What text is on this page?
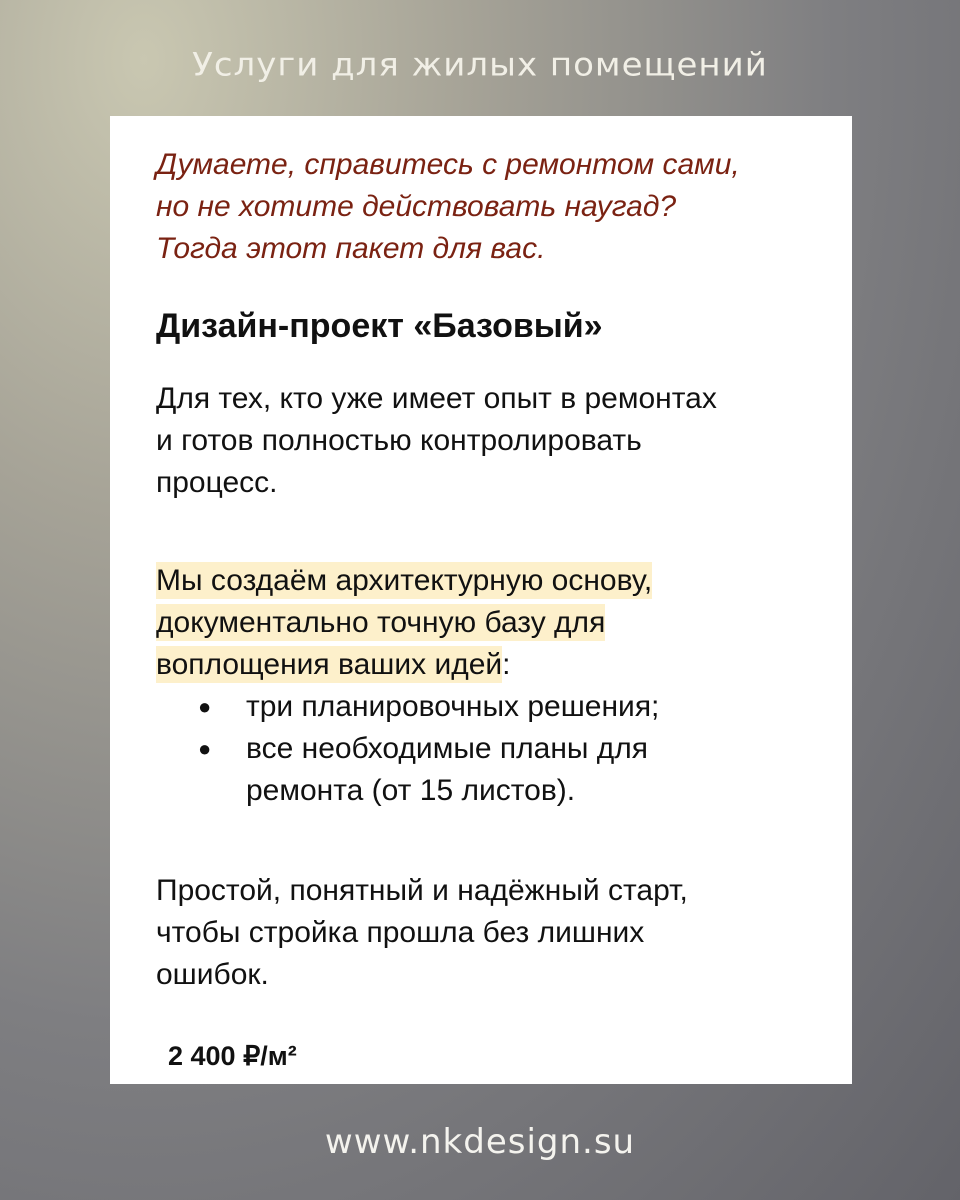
Услуги для жилых помещений

Думаете, справитесь с ремонтом сами,
но не хотите действовать наугад?
Тогда этот пакет для вас.

Дизайн-проект «Базовый»

Для тех, кто уже имеет опыт в ремонтах
и готов полностью контролировать
процесс.

Мы создаём архитектурную основу,
документально точную базу для
воплощения ваших идей:

● три планировочных решения;
● все необходимые планы для
ремонта (от 15 листов).

Простой, понятный и надёжный старт,
чтобы стройка прошла без лишних
ошибок.

2 400 ₽/м²
www.nkdesign.su
